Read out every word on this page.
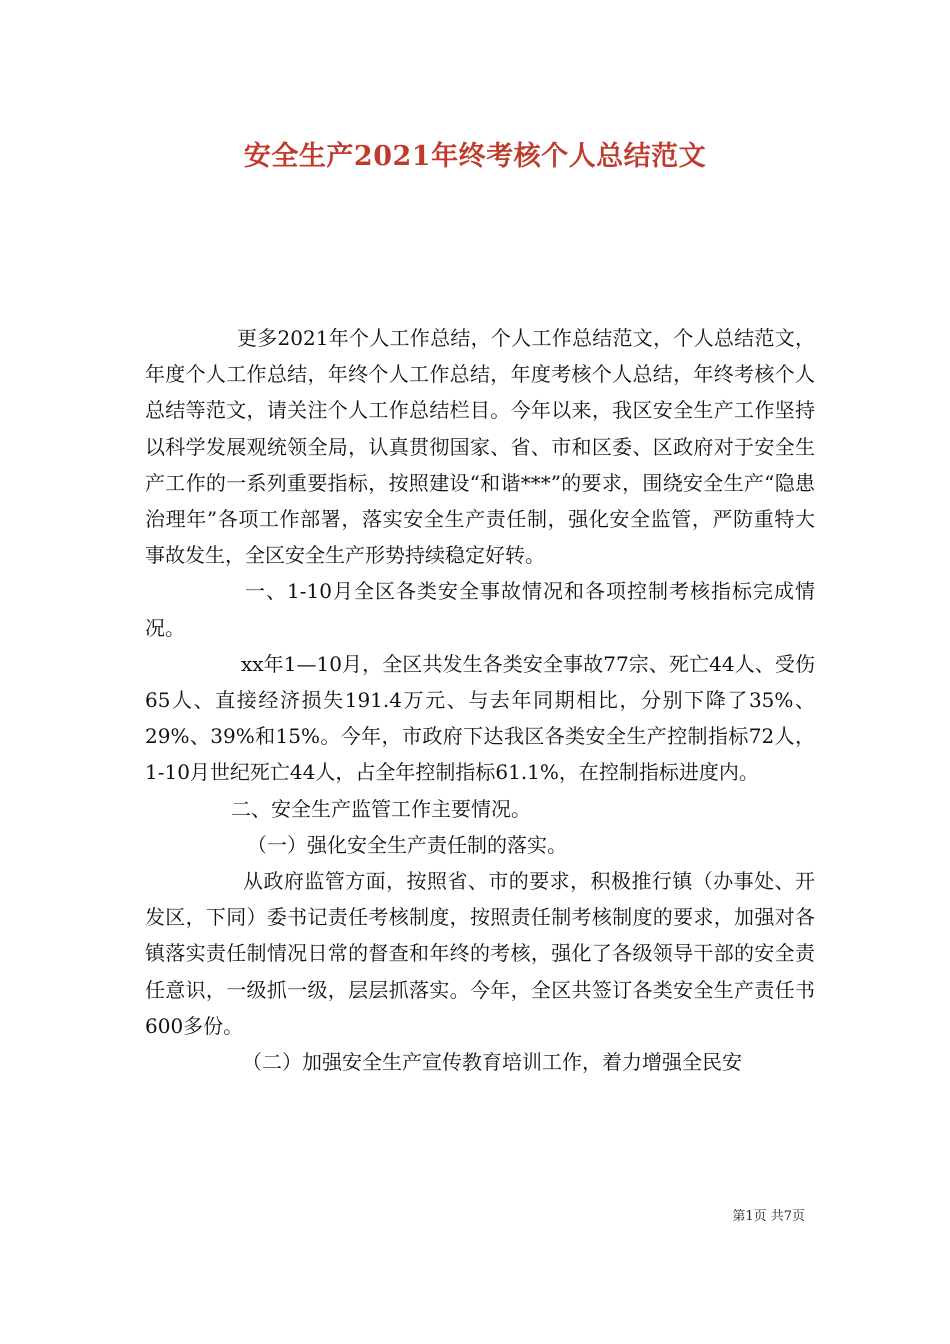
安全生产2021年终考核个人总结范文

更多2021年个人工作总结，个人工作总结范文，个人总结范文，年度个人工作总结，年终个人工作总结，年度考核个人总结，年终考核个人总结等范文，请关注个人工作总结栏目。今年以来，我区安全生产工作坚持以科学发展观统领全局，认真贯彻国家、省、市和区委、区政府对于安全生产工作的一系列重要指标，按照建设“和谐***”的要求，围绕安全生产“隐患治理年”各项工作部署，落实安全生产责任制，强化安全监管，严防重特大事故发生，全区安全生产形势持续稳定好转。

一、1-10月全区各类安全事故情况和各项控制考核指标完成情况。

xx年1—10月，全区共发生各类安全事故77宗、死亡44人、受伤65人、直接经济损失191.4万元、与去年同期相比，分别下降了35%、29%、39%和15%。今年，市政府下达我区各类安全生产控制指标72人，1-10月世纪死亡44人，占全年控制指标61.1%，在控制指标进度内。

二、安全生产监管工作主要情况。

（一）强化安全生产责任制的落实。

从政府监管方面，按照省、市的要求，积极推行镇（办事处、开发区，下同）委书记责任考核制度，按照责任制考核制度的要求，加强对各镇落实责任制情况日常的督查和年终的考核，强化了各级领导干部的安全责任意识，一级抓一级，层层抓落实。今年，全区共签订各类安全生产责任书600多份。

（二）加强安全生产宣传教育培训工作，着力增强全民安

第1页 共7页
